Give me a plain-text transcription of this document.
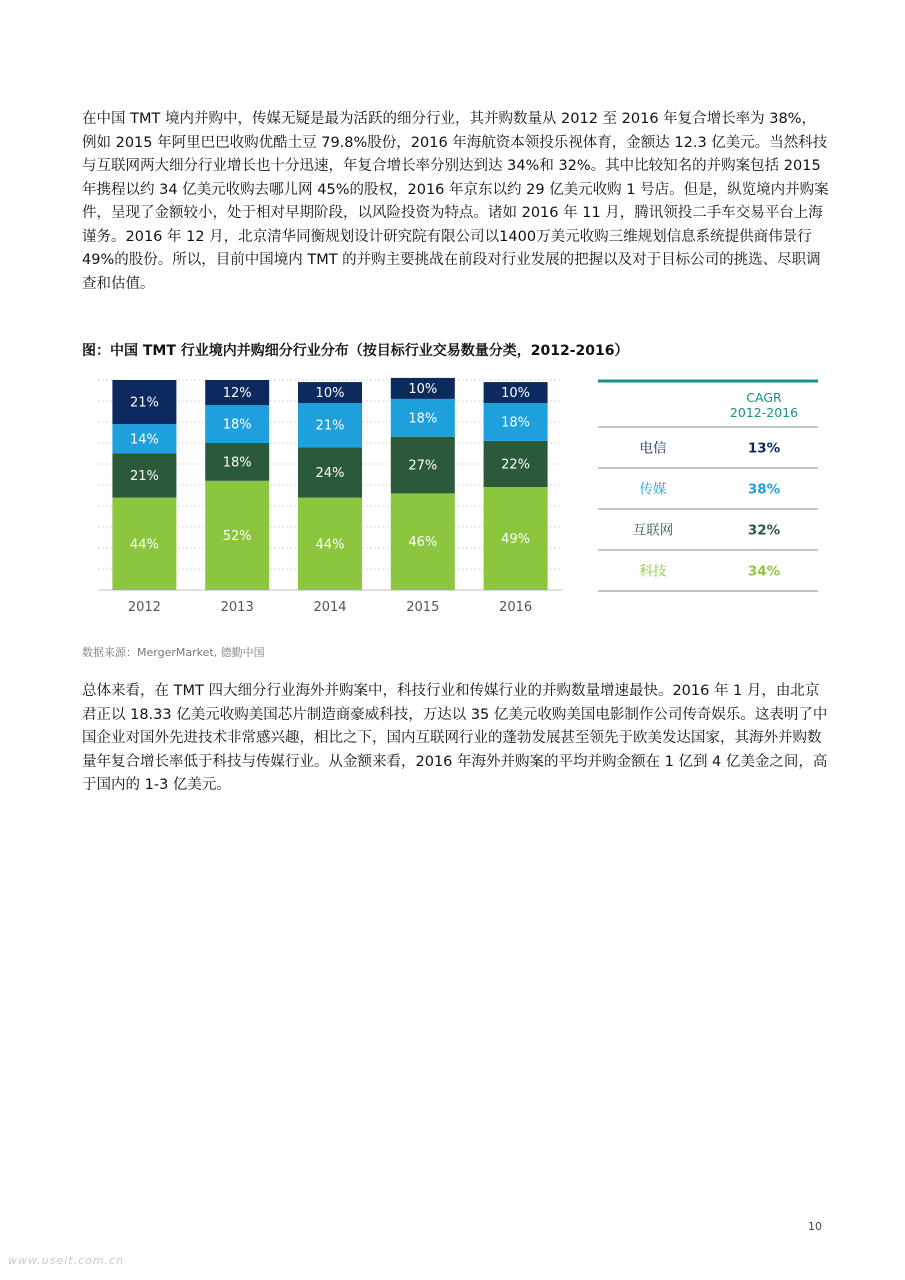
在中国 TMT 境内并购中，传媒无疑是最为活跃的细分行业，其并购数量从 2012 至 2016 年复合增长率为 38%，例如 2015 年阿里巴巴收购优酷土豆 79.8%股份，2016 年海航资本领投乐视体育，金额达 12.3 亿美元。当然科技与互联网两大细分行业增长也十分迅速，年复合增长率分别达到达 34%和 32%。其中比较知名的并购案包括 2015 年携程以约 34 亿美元收购去哪儿网 45%的股权，2016 年京东以约 29 亿美元收购 1 号店。但是，纵览境内并购案件，呈现了金额较小，处于相对早期阶段，以风险投资为特点。诸如 2016 年 11 月，腾讯领投二手车交易平台上海谨务。2016 年 12 月，北京清华同衡规划设计研究院有限公司以1400万美元收购三维规划信息系统提供商伟景行49%的股份。所以，目前中国境内 TMT 的并购主要挑战在前段对行业发展的把握以及对于目标公司的挑选、尽职调查和估值。

图：中国 TMT 行业境内并购细分行业分布（按目标行业交易数量分类，2012-2016）
44%
21%
14%
21%
2012
52%
18%
18%
12%
2013
44%
24%
21%
10%
2014
46%
27%
18%
10%
2015
49%
22%
18%
10%
2016
CAGR
2012-2016
电信	13%
传媒	38%
互联网	32%
科技	34%
数据来源：MergerMarket, 德勤中国

总体来看，在 TMT 四大细分行业海外并购案中，科技行业和传媒行业的并购数量增速最快。2016 年 1 月，由北京君正以 18.33 亿美元收购美国芯片制造商豪威科技，万达以 35 亿美元收购美国电影制作公司传奇娱乐。这表明了中国企业对国外先进技术非常感兴趣，相比之下，国内互联网行业的蓬勃发展甚至领先于欧美发达国家，其海外并购数量年复合增长率低于科技与传媒行业。从金额来看，2016 年海外并购案的平均并购金额在 1 亿到 4 亿美金之间，高于国内的 1-3 亿美元。

10
www.useit.com.cn
